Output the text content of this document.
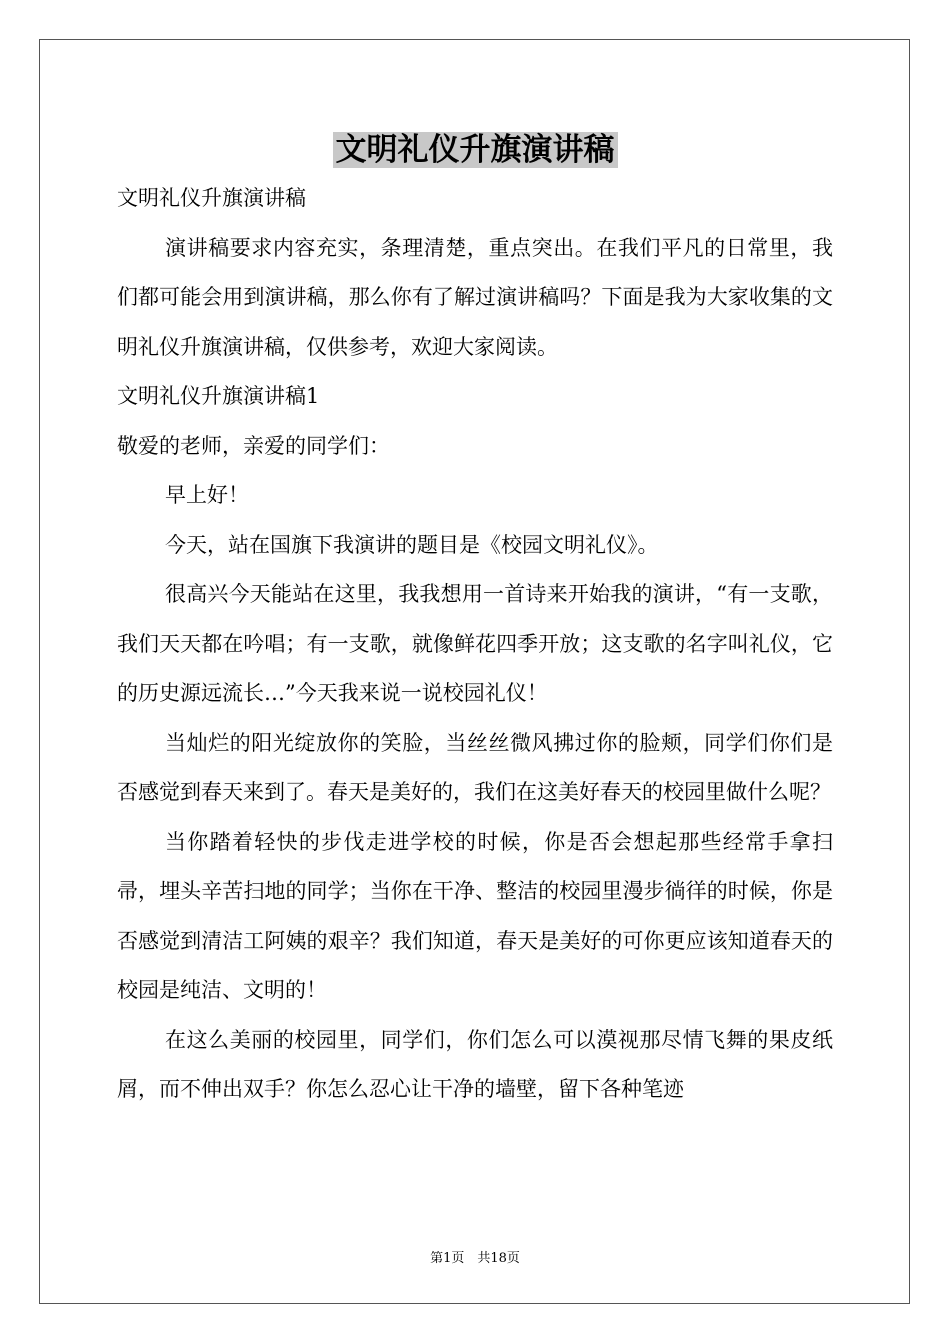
文明礼仪升旗演讲稿

文明礼仪升旗演讲稿

演讲稿要求内容充实，条理清楚，重点突出。在我们平凡的日常里，我们都可能会用到演讲稿，那么你有了解过演讲稿吗？下面是我为大家收集的文明礼仪升旗演讲稿，仅供参考，欢迎大家阅读。

文明礼仪升旗演讲稿1

敬爱的老师，亲爱的同学们：

早上好！

今天，站在国旗下我演讲的题目是《校园文明礼仪》。

很高兴今天能站在这里，我我想用一首诗来开始我的演讲，“有一支歌，我们天天都在吟唱；有一支歌，就像鲜花四季开放；这支歌的名字叫礼仪，它的历史源远流长…”今天我来说一说校园礼仪！

当灿烂的阳光绽放你的笑脸，当丝丝微风拂过你的脸颊，同学们你们是否感觉到春天来到了。春天是美好的，我们在这美好春天的校园里做什么呢？

当你踏着轻快的步伐走进学校的时候，你是否会想起那些经常手拿扫帚，埋头辛苦扫地的同学；当你在干净、整洁的校园里漫步徜徉的时候，你是否感觉到清洁工阿姨的艰辛？我们知道，春天是美好的可你更应该知道春天的校园是纯洁、文明的！

在这么美丽的校园里，同学们，你们怎么可以漠视那尽情飞舞的果皮纸屑，而不伸出双手？你怎么忍心让干净的墙壁，留下各种笔迹

第1页　共18页
